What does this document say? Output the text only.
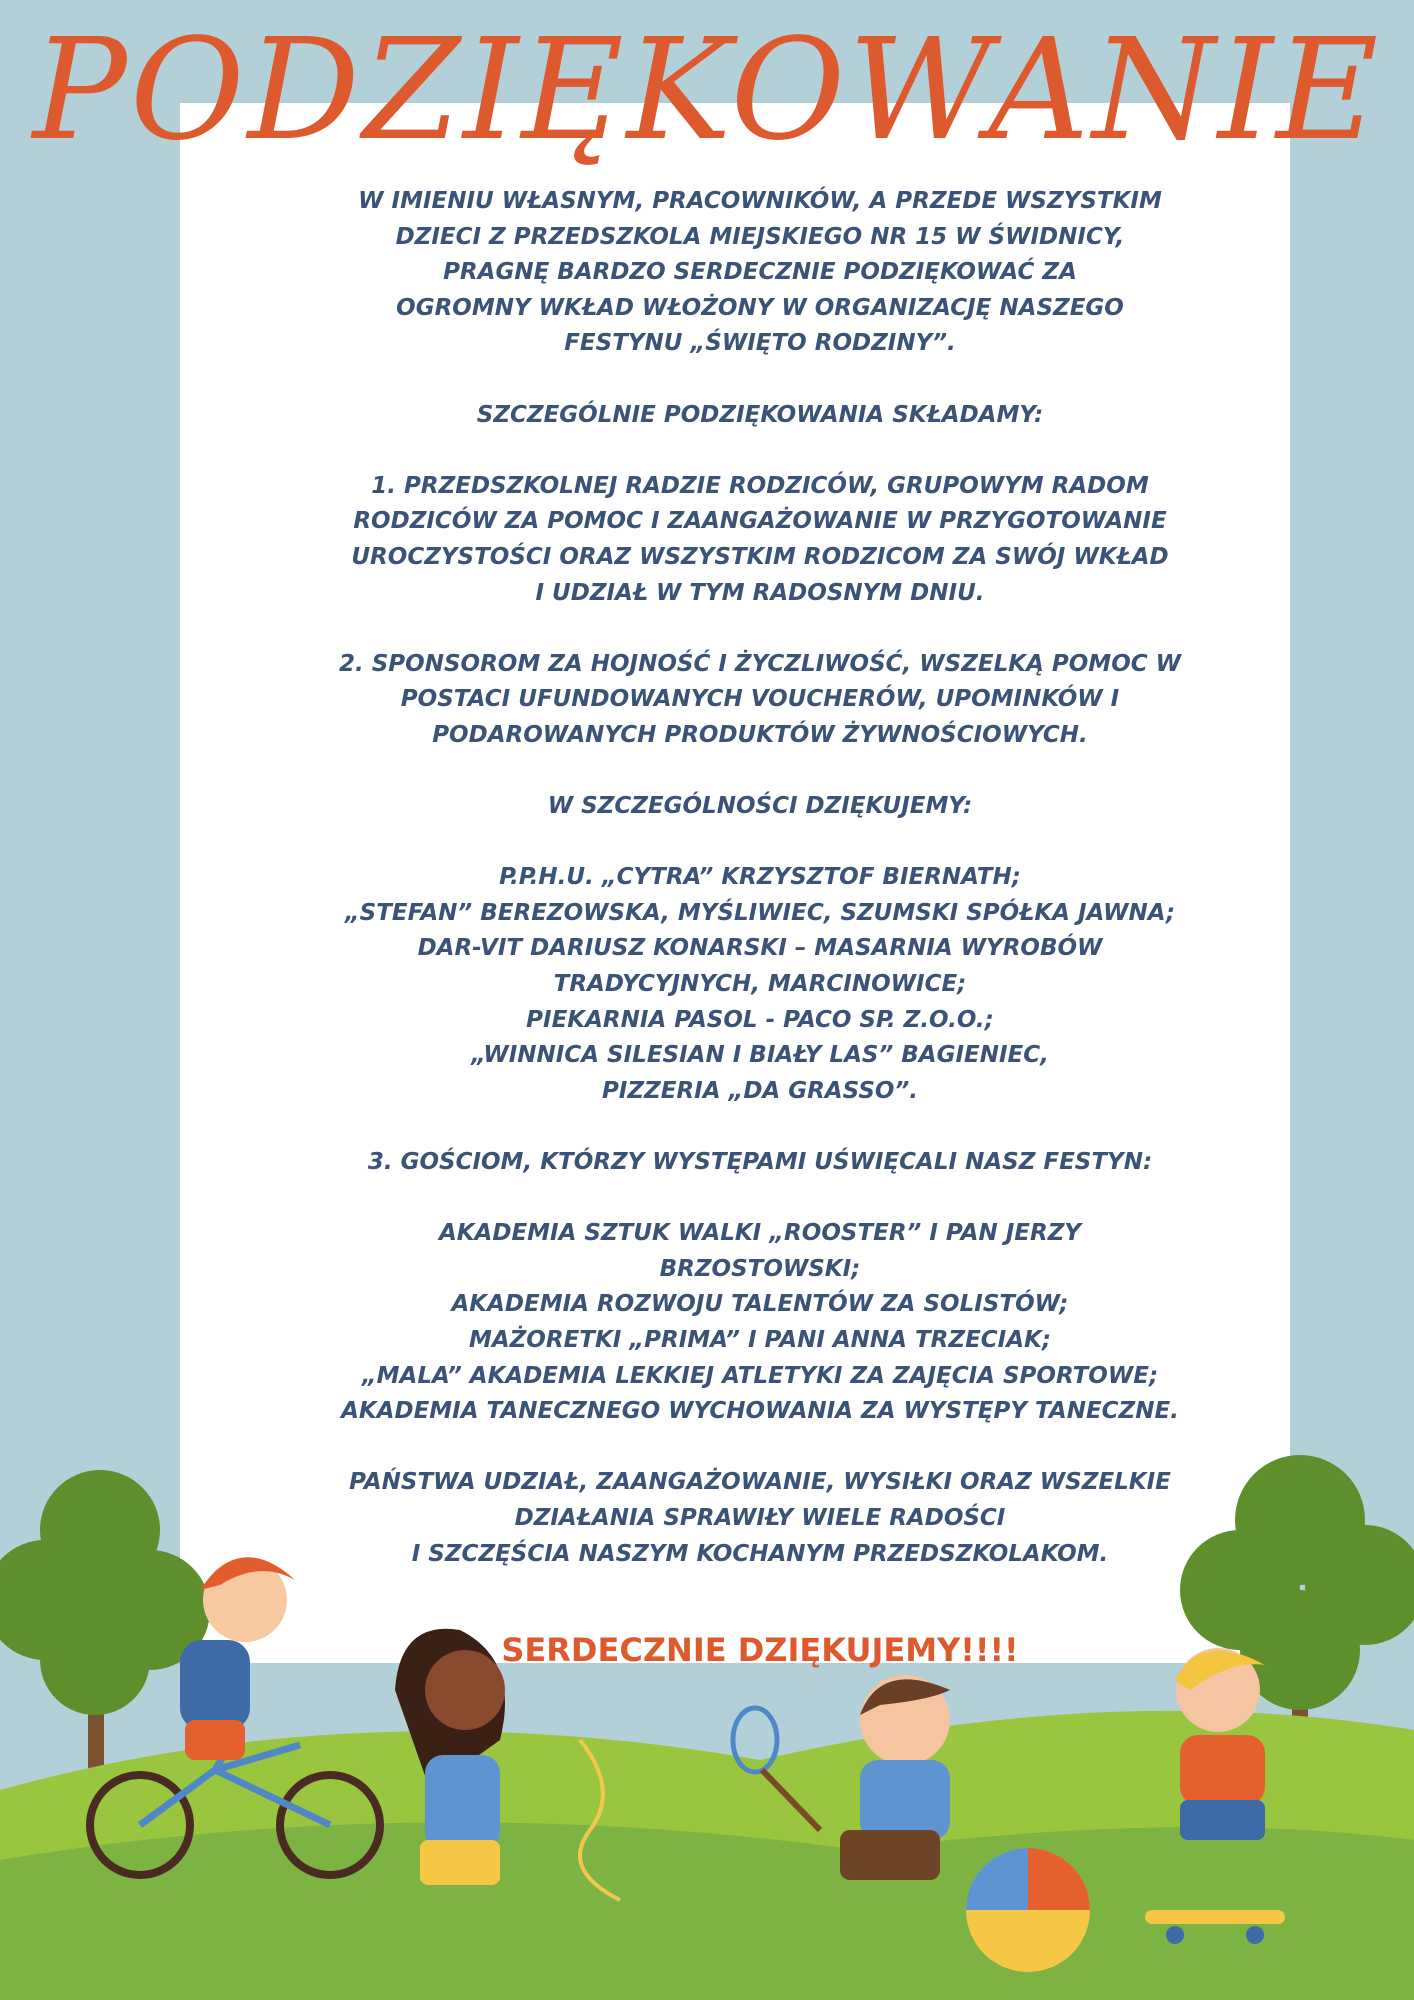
PODZIĘKOWANIE

W IMIENIU WŁASNYM, PRACOWNIKÓW, A PRZEDE WSZYSTKIM

DZIECI Z PRZEDSZKOLA MIEJSKIEGO NR 15 W ŚWIDNICY,

PRAGNĘ BARDZO SERDECZNIE PODZIĘKOWAĆ ZA

OGROMNY WKŁAD WŁOŻONY W ORGANIZACJĘ NASZEGO

FESTYNU „ŚWIĘTO RODZINY”.

SZCZEGÓLNIE PODZIĘKOWANIA SKŁADAMY:

1. PRZEDSZKOLNEJ RADZIE RODZICÓW, GRUPOWYM RADOM

RODZICÓW ZA POMOC I ZAANGAŻOWANIE W PRZYGOTOWANIE

UROCZYSTOŚCI ORAZ WSZYSTKIM RODZICOM ZA SWÓJ WKŁAD

I UDZIAŁ W TYM RADOSNYM DNIU.

2. SPONSOROM ZA HOJNOŚĆ I ŻYCZLIWOŚĆ, WSZELKĄ POMOC W

POSTACI UFUNDOWANYCH VOUCHERÓW, UPOMINKÓW I

PODAROWANYCH PRODUKTÓW ŻYWNOŚCIOWYCH.

W SZCZEGÓLNOŚCI DZIĘKUJEMY:

P.P.H.U. „CYTRA” KRZYSZTOF BIERNATH;

„STEFAN” BEREZOWSKA, MYŚLIWIEC, SZUMSKI SPÓŁKA JAWNA;

DAR-VIT DARIUSZ KONARSKI – MASARNIA WYROBÓW

TRADYCYJNYCH, MARCINOWICE;

PIEKARNIA PASOL - PACO SP. Z.O.O.;

„WINNICA SILESIAN I BIAŁY LAS” BAGIENIEC,

PIZZERIA „DA GRASSO”.

3. GOŚCIOM, KTÓRZY WYSTĘPAMI UŚWIĘCALI NASZ FESTYN:

AKADEMIA SZTUK WALKI „ROOSTER” I PAN JERZY

BRZOSTOWSKI;

AKADEMIA ROZWOJU TALENTÓW ZA SOLISTÓW;

MAŻORETKI „PRIMA” I PANI ANNA TRZECIAK;

„MALA” AKADEMIA LEKKIEJ ATLETYKI ZA ZAJĘCIA SPORTOWE;

AKADEMIA TANECZNEGO WYCHOWANIA ZA WYSTĘPY TANECZNE.

PAŃSTWA UDZIAŁ, ZAANGAŻOWANIE, WYSIŁKI ORAZ WSZELKIE

DZIAŁANIA SPRAWIŁY WIELE RADOŚCI

I SZCZĘŚCIA NASZYM KOCHANYM PRZEDSZKOLAKOM.

SERDECZNIE DZIĘKUJEMY!!!!
